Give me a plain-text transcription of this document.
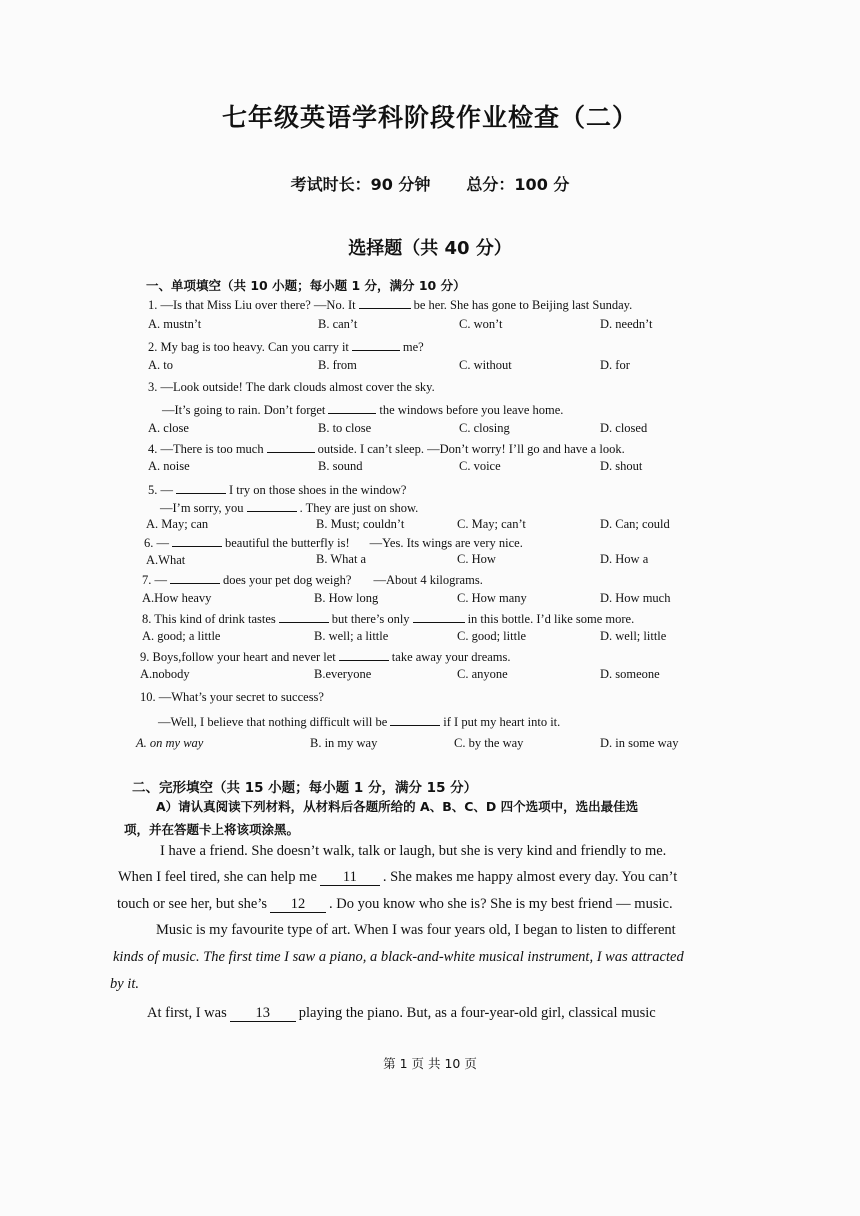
七年级英语学科阶段作业检查（二）
考试时长：90 分钟 总分：100 分
选择题（共 40 分）
一、单项填空（共 10 小题；每小题 1 分，满分 10 分）
1. —Is that Miss Liu over there? —No. It	be her. She has gone to Beijing last Sunday.
A. mustn’t	B. can’t	C. won’t	D. needn’t
2. My bag is too heavy. Can you carry it	me?
A. to	B. from	C. without	D. for
3. —Look outside! The dark clouds almost cover the sky.
—It’s going to rain. Don’t forget	the windows before you leave home.
A. close	B. to close	C. closing	D. closed
4. —There is too much	outside. I can’t sleep. —Don’t worry! I’ll go and have a look.
A. noise	B. sound	C. voice	D. shout
5. —	I try on those shoes in the window?
—I’m sorry, you	. They are just on show.
A. May; can	B. Must; couldn’t	C. May; can’t	D. Can; could
6. —	beautiful the butterfly is! —Yes. Its wings are very nice.
A.What	B. What a	C. How	D. How a
7. —	does your pet dog weigh? —About 4 kilograms.
A.How heavy	B. How long	C. How many	D. How much
8. This kind of drink tastes	but there’s only	in this bottle. I’d like some more.
A. good; a little	B. well; a little	C. good; little	D. well; little
9. Boys,follow your heart and never let	take away your dreams.
A.nobody	B.everyone	C. anyone	D. someone
10. —What’s your secret to success?
—Well, I believe that nothing difficult will be	if I put my heart into it.
A. on my way	B. in my way	C. by the way	D. in some way
二、完形填空（共 15 小题；每小题 1 分，满分 15 分）
A）请认真阅读下列材料，从材料后各题所给的 A、B、C、D 四个选项中，选出最佳选
项，并在答题卡上将该项涂黑。
I have a friend. She doesn’t walk, talk or laugh, but she is very kind and friendly to me.
When I feel tired, she can help me 11 . She makes me happy almost every day. You can’t
touch or see her, but she’s 12 . Do you know who she is? She is my best friend — music.
Music is my favourite type of art. When I was four years old, I began to listen to different
kinds of music. The first time I saw a piano, a black-and-white musical instrument, I was attracted
by it.
At first, I was 13 playing the piano. But, as a four-year-old girl, classical music
第 1 页 共 10 页
